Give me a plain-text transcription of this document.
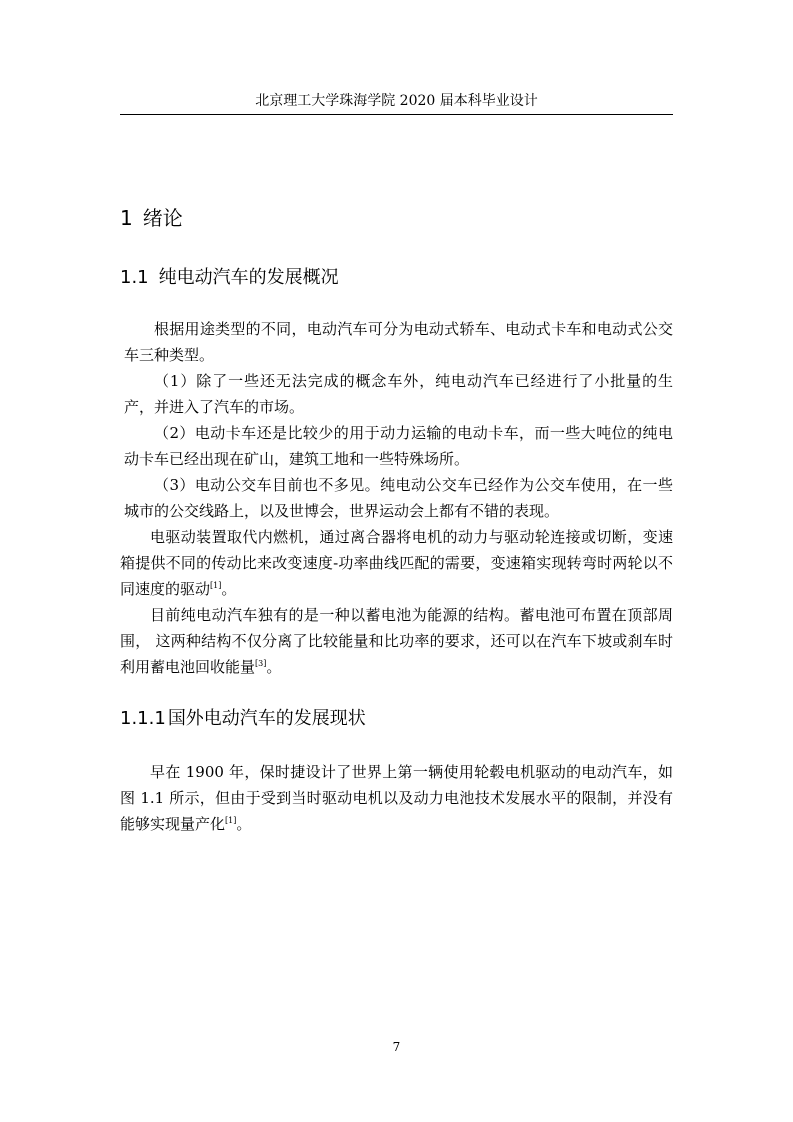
北京理工大学珠海学院 2020 届本科毕业设计
1 绪论
1.1 纯电动汽车的发展概况

根据用途类型的不同，电动汽车可分为电动式轿车、电动式卡车和电动式公交车三种类型。

（1）除了一些还无法完成的概念车外，纯电动汽车已经进行了小批量的生产，并进入了汽车的市场。

（2）电动卡车还是比较少的用于动力运输的电动卡车，而一些大吨位的纯电动卡车已经出现在矿山，建筑工地和一些特殊场所。

（3）电动公交车目前也不多见。纯电动公交车已经作为公交车使用，在一些城市的公交线路上，以及世博会，世界运动会上都有不错的表现。

电驱动装置取代内燃机，通过离合器将电机的动力与驱动轮连接或切断，变速箱提供不同的传动比来改变速度-功率曲线匹配的需要，变速箱实现转弯时两轮以不同速度的驱动[1]。

目前纯电动汽车独有的是一种以蓄电池为能源的结构。蓄电池可布置在顶部周围， 这两种结构不仅分离了比较能量和比功率的要求，还可以在汽车下坡或刹车时利用蓄电池回收能量[3]。

1.1.1 国外电动汽车的发展现状

早在 1900 年，保时捷设计了世界上第一辆使用轮毂电机驱动的电动汽车，如图 1.1 所示，但由于受到当时驱动电机以及动力电池技术发展水平的限制，并没有能够实现量产化[1]。

7
